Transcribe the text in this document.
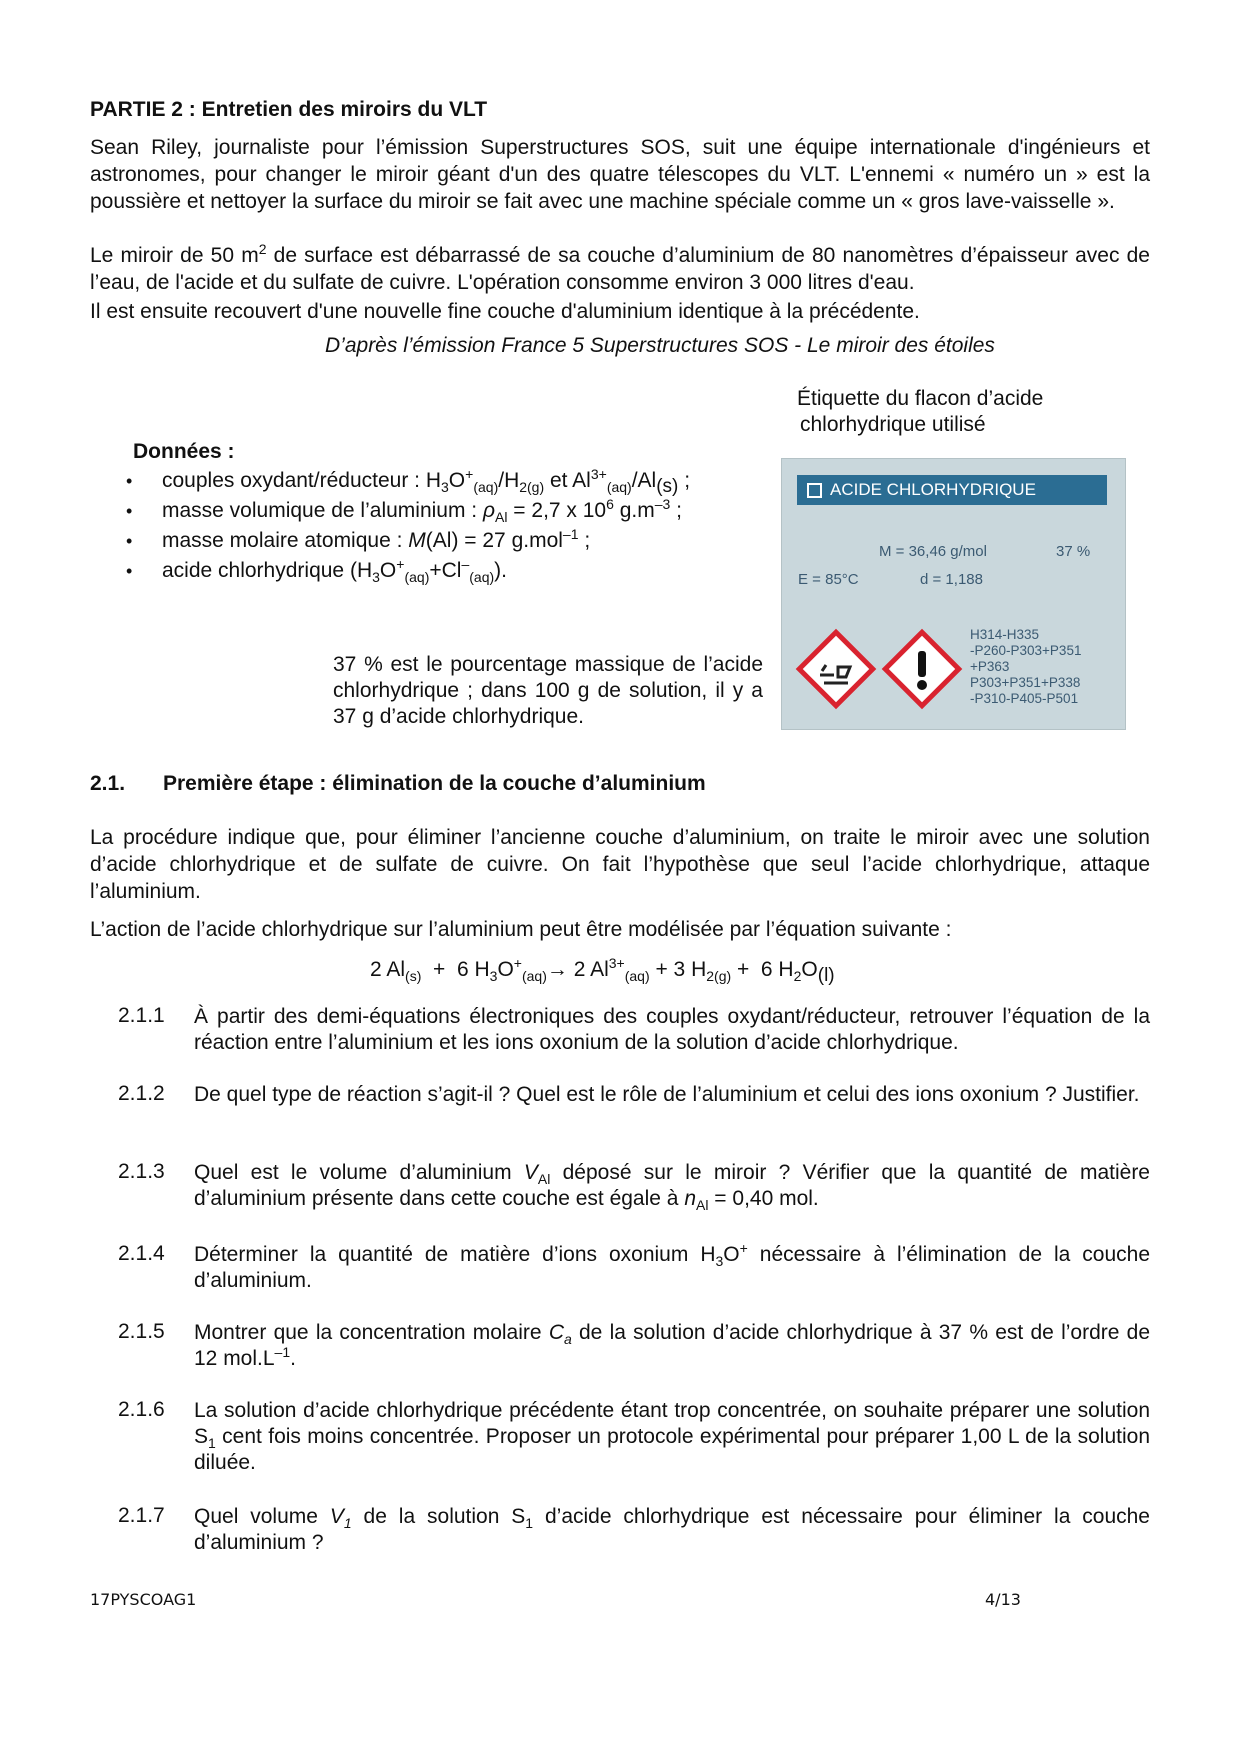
PARTIE 2 : Entretien des miroirs du VLT
Sean Riley, journaliste pour l’émission Superstructures SOS, suit une équipe internationale d'ingénieurs et astronomes, pour changer le miroir géant d'un des quatre télescopes du VLT. L'ennemi « numéro un » est la poussière et nettoyer la surface du miroir se fait avec une machine spéciale comme un « gros lave-vaisselle ».
Le miroir de 50 $m^2$ de surface est débarrassé de sa couche d’aluminium de 80 nanomètres d’épaisseur avec de l’eau, de l'acide et du sulfate de cuivre. L'opération consomme environ 3 000 litres d'eau.
Il est ensuite recouvert d'une nouvelle fine couche d'aluminium identique à la précédente.
D’après l’émission France 5 Superstructures SOS - Le miroir des étoiles
Étiquette du flacon d’acide
chlorhydrique utilisé
ACIDE CHLORHYDRIQUE
M = 36,46 g/mol	37 %
E = 85°C	d = 1,188
H314-H335
-P260-P303+P351
+P363
P303+P351+P338
-P310-P405-P501
Données :
• couples oxydant/réducteur : $H_3O^+_{(aq)}/H_{2(g)}$ et $Al^{3+}_{(aq)}/Al_{(s)}$ ;
• masse volumique de l’aluminium : $\rho_{Al} = 2,7$ x $10^6$ $g.m^{-3}$ ;
• masse molaire atomique : M(Al) = 27 g.mol$^{-1}$ ;
• acide chlorhydrique $(H_3O^+_{(aq)}+Cl^-_{(aq)})$.
37 % est le pourcentage massique de l’acide chlorhydrique ; dans 100 g de solution, il y a 37 g d’acide chlorhydrique.
2.1. Première étape : élimination de la couche d’aluminium
La procédure indique que, pour éliminer l’ancienne couche d’aluminium, on traite le miroir avec une solution d’acide chlorhydrique et de sulfate de cuivre. On fait l’hypothèse que seul l’acide chlorhydrique, attaque l’aluminium.
L’action de l’acide chlorhydrique sur l’aluminium peut être modélisée par l’équation suivante :
2 $Al_{(s)} + 6$ $H_3O^+_{(aq)}\to 2$ $Al^{3+}_{(aq)} + 3$ $H_{2(g)} + 6$ $H_2O_{(l)}$
2.1.1 À partir des demi-équations électroniques des couples oxydant/réducteur, retrouver l’équation de la réaction entre l’aluminium et les ions oxonium de la solution d’acide chlorhydrique.
2.1.2 De quel type de réaction s’agit-il ? Quel est le rôle de l’aluminium et celui des ions oxonium ? Justifier.
2.1.3 Quel est le volume d’aluminium $V_{Al}$ déposé sur le miroir ? Vérifier que la quantité de matière d’aluminium présente dans cette couche est égale à $n_{Al} = 0,40$ mol.
2.1.4 Déterminer la quantité de matière d’ions oxonium $H_3O^+$ nécessaire à l’élimination de la couche d’aluminium.
2.1.5 Montrer que la concentration molaire $C_a$ de la solution d’acide chlorhydrique à 37 % est de l’ordre de 12 $mol.L^{-1}$.
2.1.6 La solution d’acide chlorhydrique précédente étant trop concentrée, on souhaite préparer une solution $S_1$ cent fois moins concentrée. Proposer un protocole expérimental pour préparer 1,00 L de la solution diluée.
2.1.7 Quel volume $V_1$ de la solution $S_1$ d’acide chlorhydrique est nécessaire pour éliminer la couche d’aluminium ?
17PYSCOAG1	4/13
